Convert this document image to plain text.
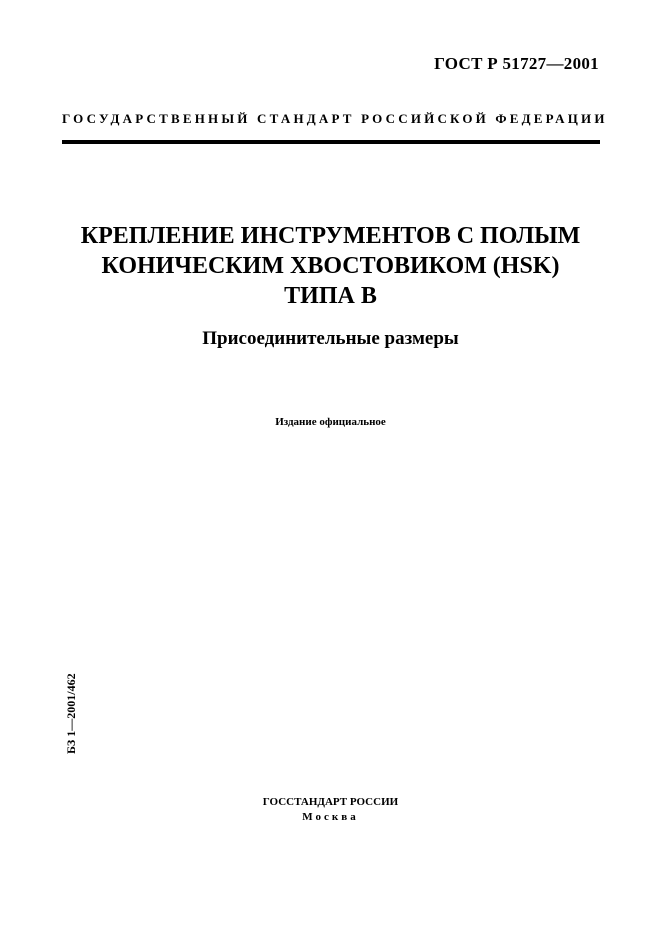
ГОСТ Р 51727—2001
ГОСУДАРСТВЕННЫЙ СТАНДАРТ РОССИЙСКОЙ ФЕДЕРАЦИИ
КРЕПЛЕНИЕ ИНСТРУМЕНТОВ С ПОЛЫМ
КОНИЧЕСКИМ ХВОСТОВИКОМ (HSK)
ТИПА В
Присоединительные размеры
Издание официальное
БЗ 1—2001/462
ГОССТАНДАРТ РОССИИ
Москва
